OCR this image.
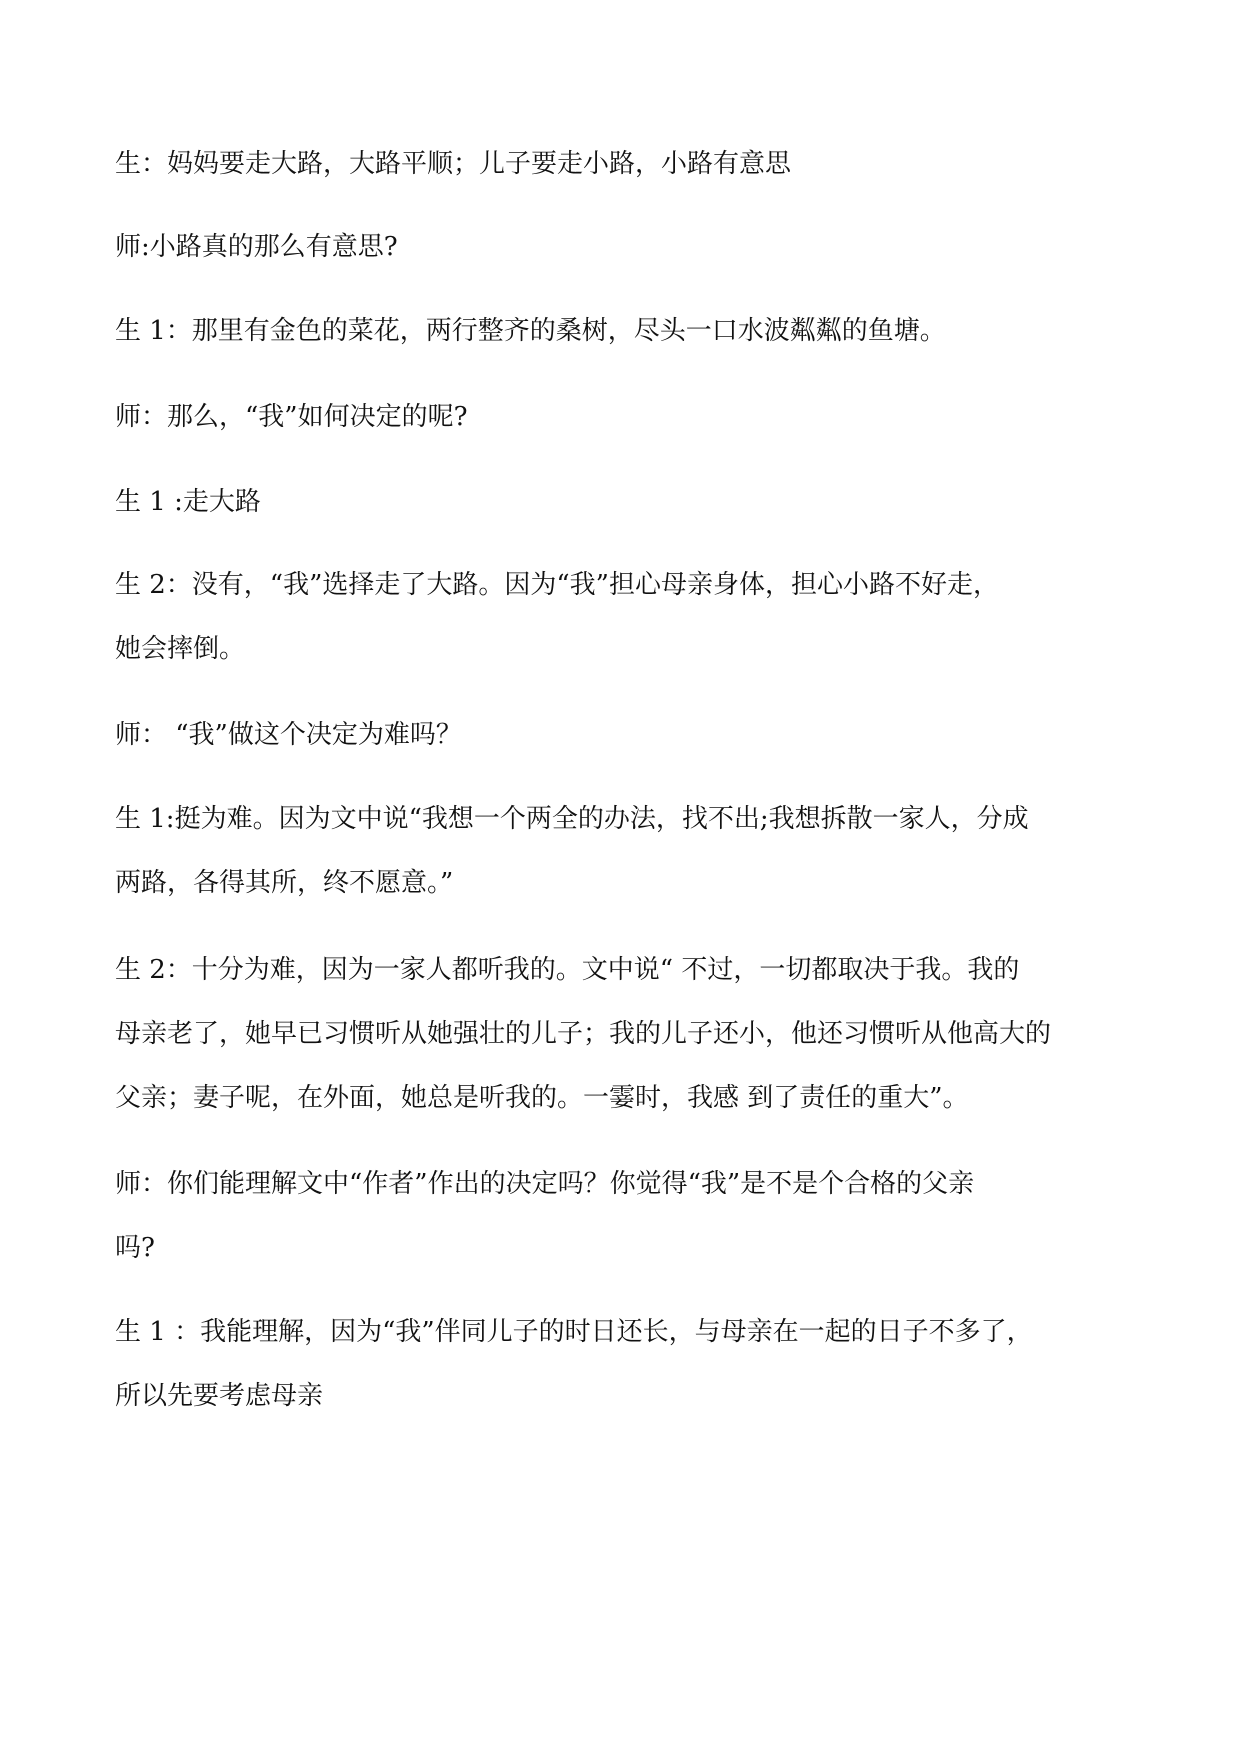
生：妈妈要走大路，大路平顺；儿子要走小路，小路有意思

师:小路真的那么有意思?

生 1：那里有金色的菜花，两行整齐的桑树，尽头一口水波粼粼的鱼塘。

师：那么，“我”如何决定的呢?

生 1 :走大路

生 2：没有，“我”选择走了大路。因为“我”担心母亲身体，担心小路不好走，
她会摔倒。

师： “我”做这个决定为难吗？

生 1:挺为难。因为文中说“我想一个两全的办法，找不出;我想拆散一家人，分成
两路，各得其所，终不愿意。”

生 2：十分为难，因为一家人都听我的。文中说“ 不过，一切都取决于我。我的
母亲老了，她早已习惯听从她强壮的儿子；我的儿子还小，他还习惯听从他高大的
父亲；妻子呢，在外面，她总是听我的。一霎时，我感 到了责任的重大”。

师：你们能理解文中“作者”作出的决定吗？你觉得“我”是不是个合格的父亲
吗?

生 1 ：我能理解，因为“我”伴同儿子的时日还长，与母亲在一起的日子不多了，
所以先要考虑母亲
